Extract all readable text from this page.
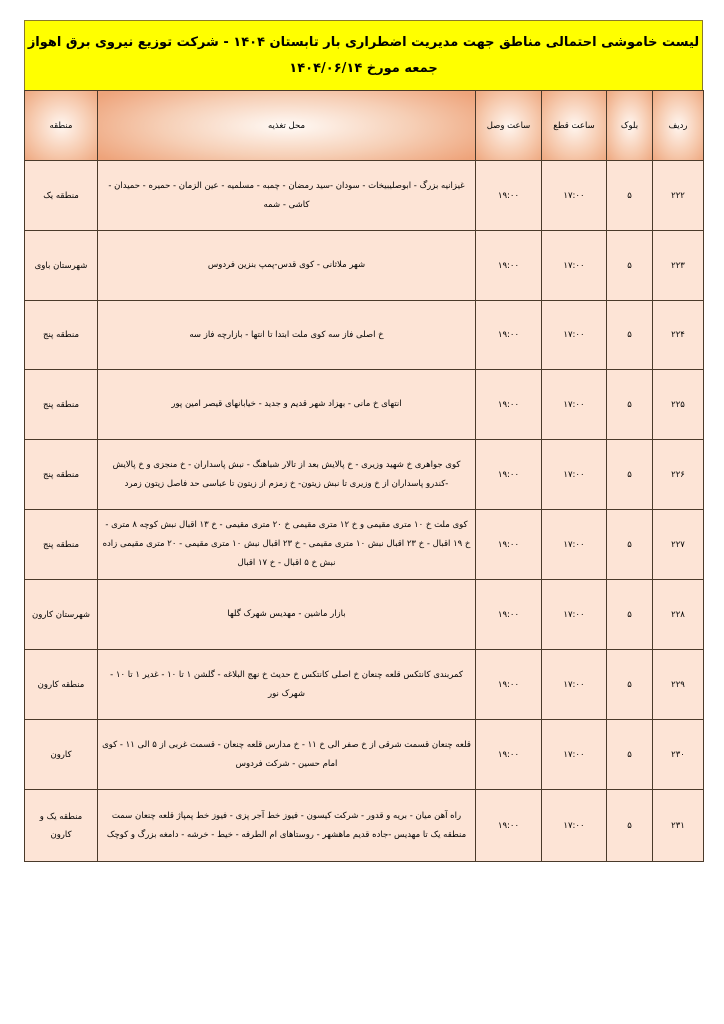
لیست خاموشی احتمالی مناطق جهت مدیریت اضطراری بار تابستان ۱۴۰۴ - شرکت توزیع نیروی برق اهواز
جمعه مورخ ۱۴۰۴/۰۶/۱۴
ردیف	بلوک	ساعت قطع	ساعت وصل	محل تغذیه	منطقه
۲۲۲	۵	۱۷:۰۰	۱۹:۰۰	غیزانیه بزرگ - ابوصلیبیخات - سودان -سید رمضان - چمبه - مسلمیه - عین الزمان - حمیره - حمیدان - کاشی - شمه	منطقه یک
۲۲۳	۵	۱۷:۰۰	۱۹:۰۰	شهر ملاثانی - کوی قدس-پمپ بنزین فردوس	شهرستان باوی
۲۲۴	۵	۱۷:۰۰	۱۹:۰۰	خ اصلی فاز سه کوی ملت ابتدا تا انتها - بازارچه فاز سه	منطقه پنج
۲۲۵	۵	۱۷:۰۰	۱۹:۰۰	انتهای خ مانی - بهزاد شهر قدیم و جدید - خیابانهای قیصر امین پور	منطقه پنج
۲۲۶	۵	۱۷:۰۰	۱۹:۰۰	کوی جواهری خ شهید وزیری - خ پالایش بعد از تالار شباهنگ - نبش پاسداران - خ منجزی و خ پالایش -کندرو پاسداران از خ وزیری تا نبش زیتون- خ زمزم از زیتون تا عباسی حد فاصل زیتون زمرد	منطقه پنج
۲۲۷	۵	۱۷:۰۰	۱۹:۰۰	کوی ملت خ ۱۰ متری مقیمی و خ ۱۲ متری مقیمی خ ۲۰ متری مقیمی - خ ۱۳ اقبال نبش کوچه ۸ متری - خ ۱۹ اقبال - خ ۲۳ اقبال نبش ۱۰ متری مقیمی - خ ۲۳ اقبال نبش ۱۰ متری مقیمی - ۲۰ متری مقیمی زاده نبش خ ۵ اقبال - خ ۱۷ اقبال	منطقه پنج
۲۲۸	۵	۱۷:۰۰	۱۹:۰۰	بازار ماشین - مهدیس شهرک گلها	شهرستان کارون
۲۲۹	۵	۱۷:۰۰	۱۹:۰۰	کمربندی کانتکس قلعه چنعان خ اصلی کانتکس خ حدیث خ نهج البلاغه - گلشن ۱ تا ۱۰ - غدیر ۱ تا ۱۰ - شهرک نور	منطقه کارون
۲۳۰	۵	۱۷:۰۰	۱۹:۰۰	قلعه چنعان قسمت شرقی از خ صفر الی خ ۱۱ - خ مدارس قلعه چنعان - قسمت غربی از ۵ الی ۱۱ - کوی امام حسین - شرکت فردوس	کارون
۲۳۱	۵	۱۷:۰۰	۱۹:۰۰	راه آهن میان - بریه و قدور - شرکت کیسون - فیوز خط آجر پزی - فیوز خط پمپاژ قلعه چنعان سمت منطقه یک تا مهدیس -جاده قدیم ماهشهر - روستاهای ام الطرفه - خیط - خرشه - دامغه بزرگ و کوچک	منطقه یک و کارون
